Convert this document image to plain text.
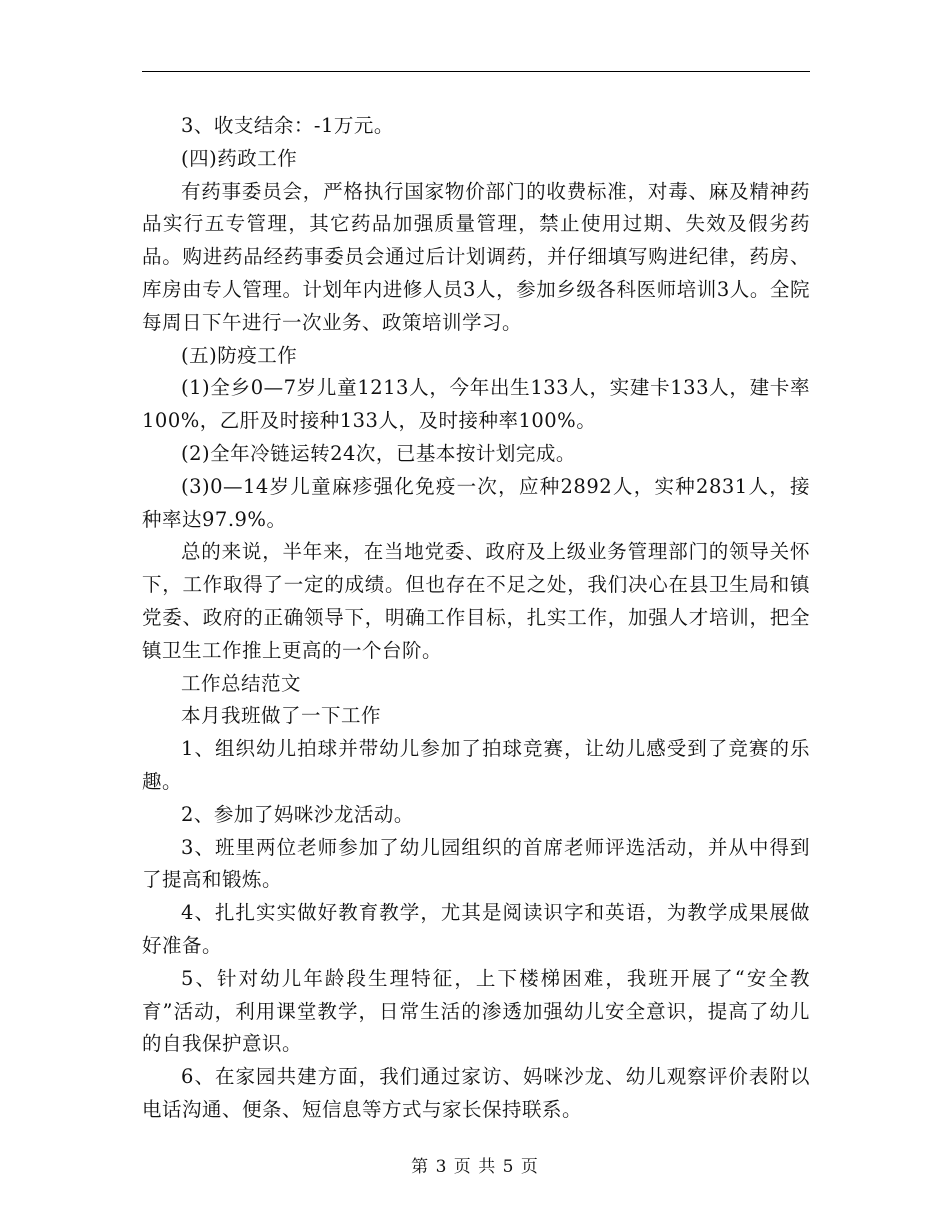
3、收支结余：-1万元。

(四)药政工作

有药事委员会，严格执行国家物价部门的收费标准，对毒、麻及精神药品实行五专管理，其它药品加强质量管理，禁止使用过期、失效及假劣药品。购进药品经药事委员会通过后计划调药，并仔细填写购进纪律，药房、库房由专人管理。计划年内进修人员3人，参加乡级各科医师培训3人。全院每周日下午进行一次业务、政策培训学习。

(五)防疫工作

(1)全乡0—7岁儿童1213人，今年出生133人，实建卡133人，建卡率100%，乙肝及时接种133人，及时接种率100%。

(2)全年冷链运转24次，已基本按计划完成。

(3)0—14岁儿童麻疹强化免疫一次，应种2892人，实种2831人，接种率达97.9%。

总的来说，半年来，在当地党委、政府及上级业务管理部门的领导关怀下，工作取得了一定的成绩。但也存在不足之处，我们决心在县卫生局和镇党委、政府的正确领导下，明确工作目标，扎实工作，加强人才培训，把全镇卫生工作推上更高的一个台阶。

工作总结范文

本月我班做了一下工作

1、组织幼儿拍球并带幼儿参加了拍球竞赛，让幼儿感受到了竞赛的乐趣。

2、参加了妈咪沙龙活动。

3、班里两位老师参加了幼儿园组织的首席老师评选活动，并从中得到了提高和锻炼。

4、扎扎实实做好教育教学，尤其是阅读识字和英语，为教学成果展做好准备。

5、针对幼儿年龄段生理特征，上下楼梯困难，我班开展了“安全教育”活动，利用课堂教学，日常生活的渗透加强幼儿安全意识，提高了幼儿的自我保护意识。

6、在家园共建方面，我们通过家访、妈咪沙龙、幼儿观察评价表附以电话沟通、便条、短信息等方式与家长保持联系。

第 3 页 共 5 页
